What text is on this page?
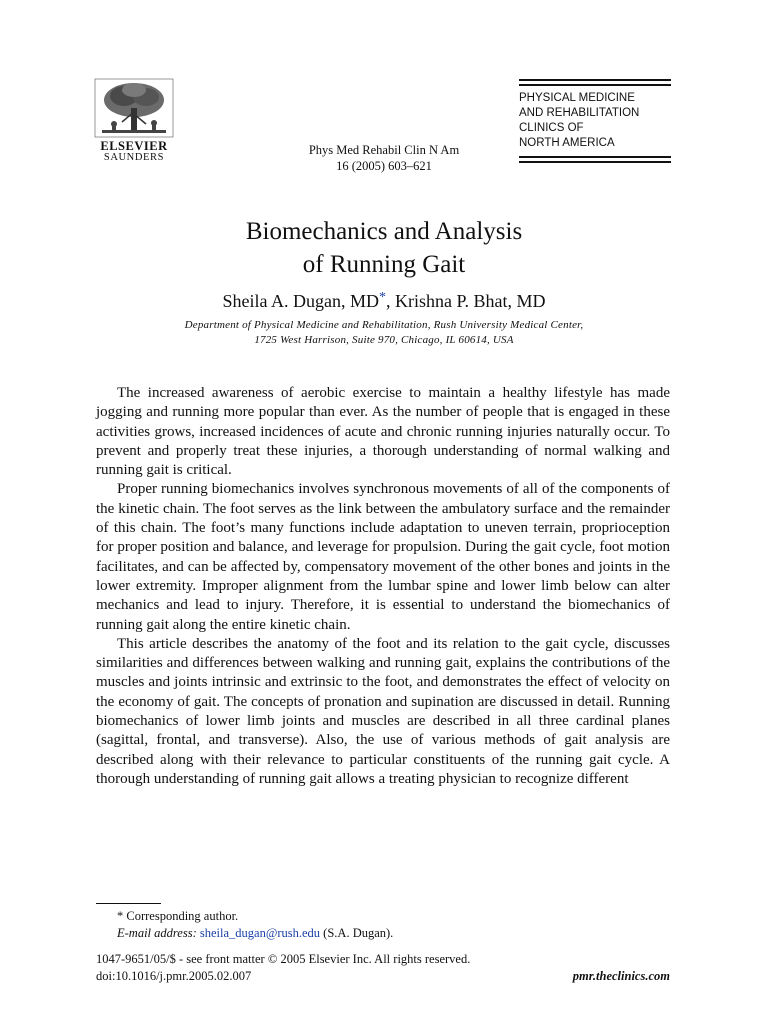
ELSEVIER
SAUNDERS
Phys Med Rehabil Clin N Am
16 (2005) 603–621
PHYSICAL MEDICINE
AND REHABILITATION
CLINICS OF
NORTH AMERICA
Biomechanics and Analysis
of Running Gait
Sheila A. Dugan, MD*, Krishna P. Bhat, MD
Department of Physical Medicine and Rehabilitation, Rush University Medical Center,
1725 West Harrison, Suite 970, Chicago, IL 60614, USA

The increased awareness of aerobic exercise to maintain a healthy lifestyle has made jogging and running more popular than ever. As the number of people that is engaged in these activities grows, increased incidences of acute and chronic running injuries naturally occur. To prevent and properly treat these injuries, a thorough understanding of normal walking and running gait is critical.

Proper running biomechanics involves synchronous movements of all of the components of the kinetic chain. The foot serves as the link between the ambulatory surface and the remainder of this chain. The foot’s many functions include adaptation to uneven terrain, proprioception for proper position and balance, and leverage for propulsion. During the gait cycle, foot motion facilitates, and can be affected by, compensatory movement of the other bones and joints in the lower extremity. Improper alignment from the lumbar spine and lower limb below can alter mechanics and lead to injury. Therefore, it is essential to understand the biomechanics of running gait along the entire kinetic chain.

This article describes the anatomy of the foot and its relation to the gait cycle, discusses similarities and differences between walking and running gait, explains the contributions of the muscles and joints intrinsic and extrinsic to the foot, and demonstrates the effect of velocity on the economy of gait. The concepts of pronation and supination are discussed in detail. Running biomechanics of lower limb joints and muscles are described in all three cardinal planes (sagittal, frontal, and transverse). Also, the use of various methods of gait analysis are described along with their relevance to particular constituents of the running gait cycle. A thorough understanding of running gait allows a treating physician to recognize different

* Corresponding author.
E-mail address: sheila_dugan@rush.edu (S.A. Dugan).
1047-9651/05/$ - see front matter © 2005 Elsevier Inc. All rights reserved.
doi:10.1016/j.pmr.2005.02.007	pmr.theclinics.com
